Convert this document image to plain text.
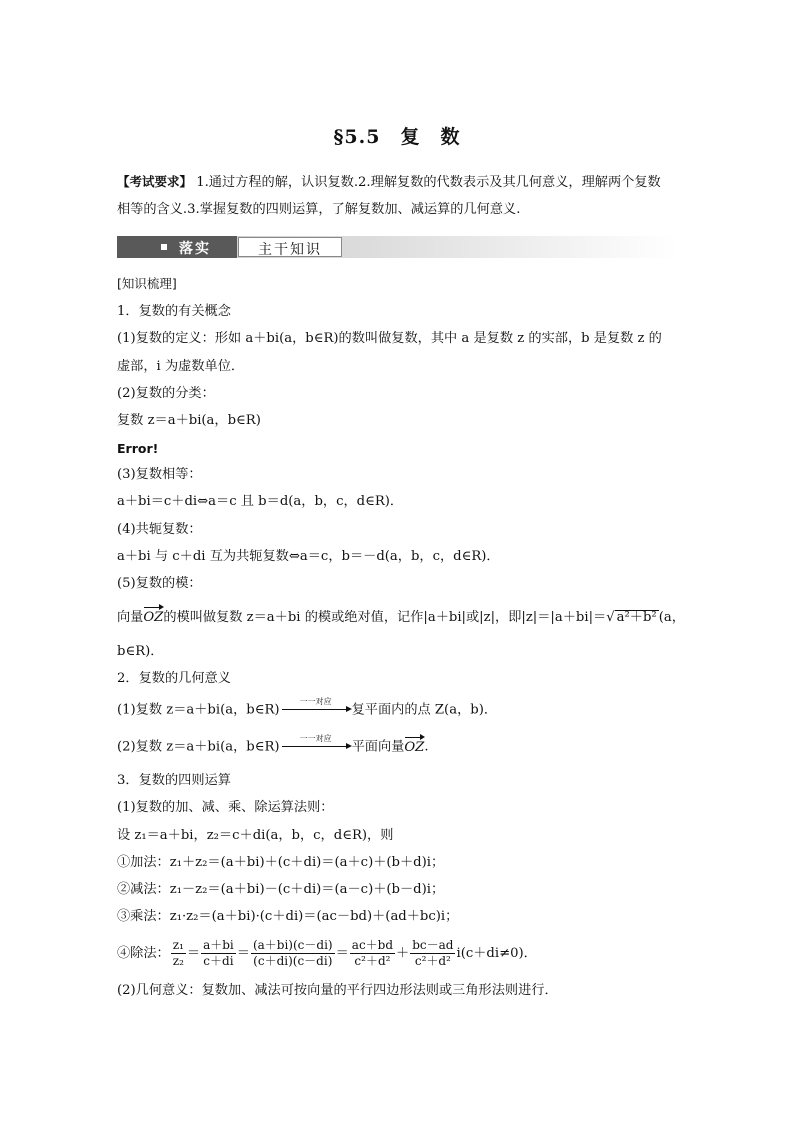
§5.5　复　数
【考试要求】 1.通过方程的解，认识复数.2.理解复数的代数表示及其几何意义，理解两个复数
相等的含义.3.掌握复数的四则运算，了解复数加、减运算的几何意义.
落实	主干知识
[知识梳理]
1．复数的有关概念
(1)复数的定义：形如 a＋bi(a，b∈R)的数叫做复数，其中 a 是复数 z 的实部，b 是复数 z 的
虚部，i 为虚数单位．
(2)复数的分类：
复数 z＝a＋bi(a，b∈R)
Error!
(3)复数相等：
a＋bi＝c＋di⇔a＝c 且 b＝d(a，b，c，d∈R)．
(4)共轭复数：
a＋bi 与 c＋di 互为共轭复数⇔a＝c，b＝－d(a，b，c，d∈R)．
(5)复数的模：
向量OZ的模叫做复数 z＝a＋bi 的模或绝对值，记作|a＋bi|或|z|，即|z|＝|a＋bi|＝√ a²＋b² (a，
b∈R)．
2．复数的几何意义
(1)复数 z＝a＋bi(a，b∈R)
一一对应
复平面内的点 Z(a，b)．
(2)复数 z＝a＋bi(a，b∈R)
一一对应
平面向量OZ.
3．复数的四则运算
(1)复数的加、减、乘、除运算法则：
设 z₁＝a＋bi，z₂＝c＋di(a，b，c，d∈R)，则
①加法：z₁＋z₂＝(a＋bi)＋(c＋di)＝(a＋c)＋(b＋d)i；
②减法：z₁－z₂＝(a＋bi)－(c＋di)＝(a－c)＋(b－d)i；
③乘法：z₁·z₂＝(a＋bi)·(c＋di)＝(ac－bd)＋(ad＋bc)i；
④除法： $\frac{\text{z₁}}{\text{z₂}} = \frac{a+bi}{c+di} = \frac{(a+bi)(c-di)}{(c+di)(c-di)} = \frac{ac+bd}{\text{c²＋d²}} + \frac{bc-ad}{\text{c²＋d²}} i(c+di\ne 0)$．
(2)几何意义：复数加、减法可按向量的平行四边形法则或三角形法则进行．
